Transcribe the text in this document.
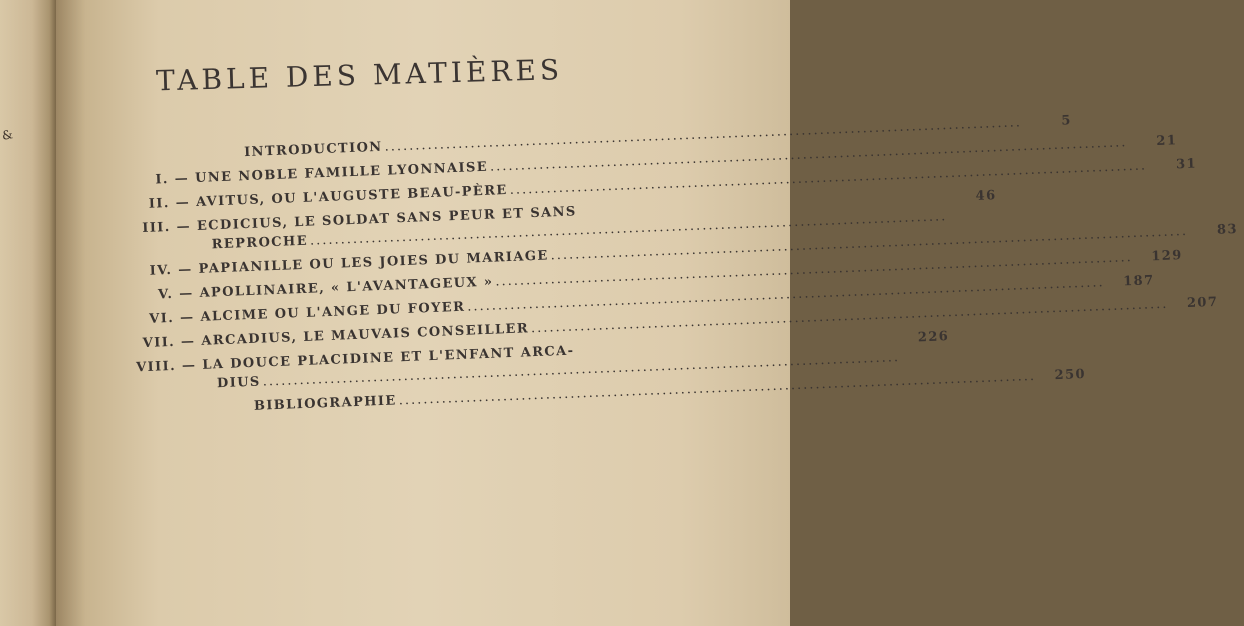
&
TABLE DES MATIÈRES
INTRODUCTION
.....
5
I. — UNE NOBLE FAMILLE LYONNAISE
.....
21
II. — AVITUS, OU L'AUGUSTE BEAU-PÈRE
.....
31
III. — ECDICIUS, LE SOLDAT SANS PEUR ET SANS
REPROCHE
.....
46
IV. — PAPIANILLE OU LES JOIES DU MARIAGE
.....
83
V. — APOLLINAIRE, « L'AVANTAGEUX »
.....
129
VI. — ALCIME OU L'ANGE DU FOYER
.....
187
VII. — ARCADIUS, LE MAUVAIS CONSEILLER
.....
207
VIII. — LA DOUCE PLACIDINE ET L'ENFANT ARCA-
DIUS
.....
226
BIBLIOGRAPHIE
.....
250
